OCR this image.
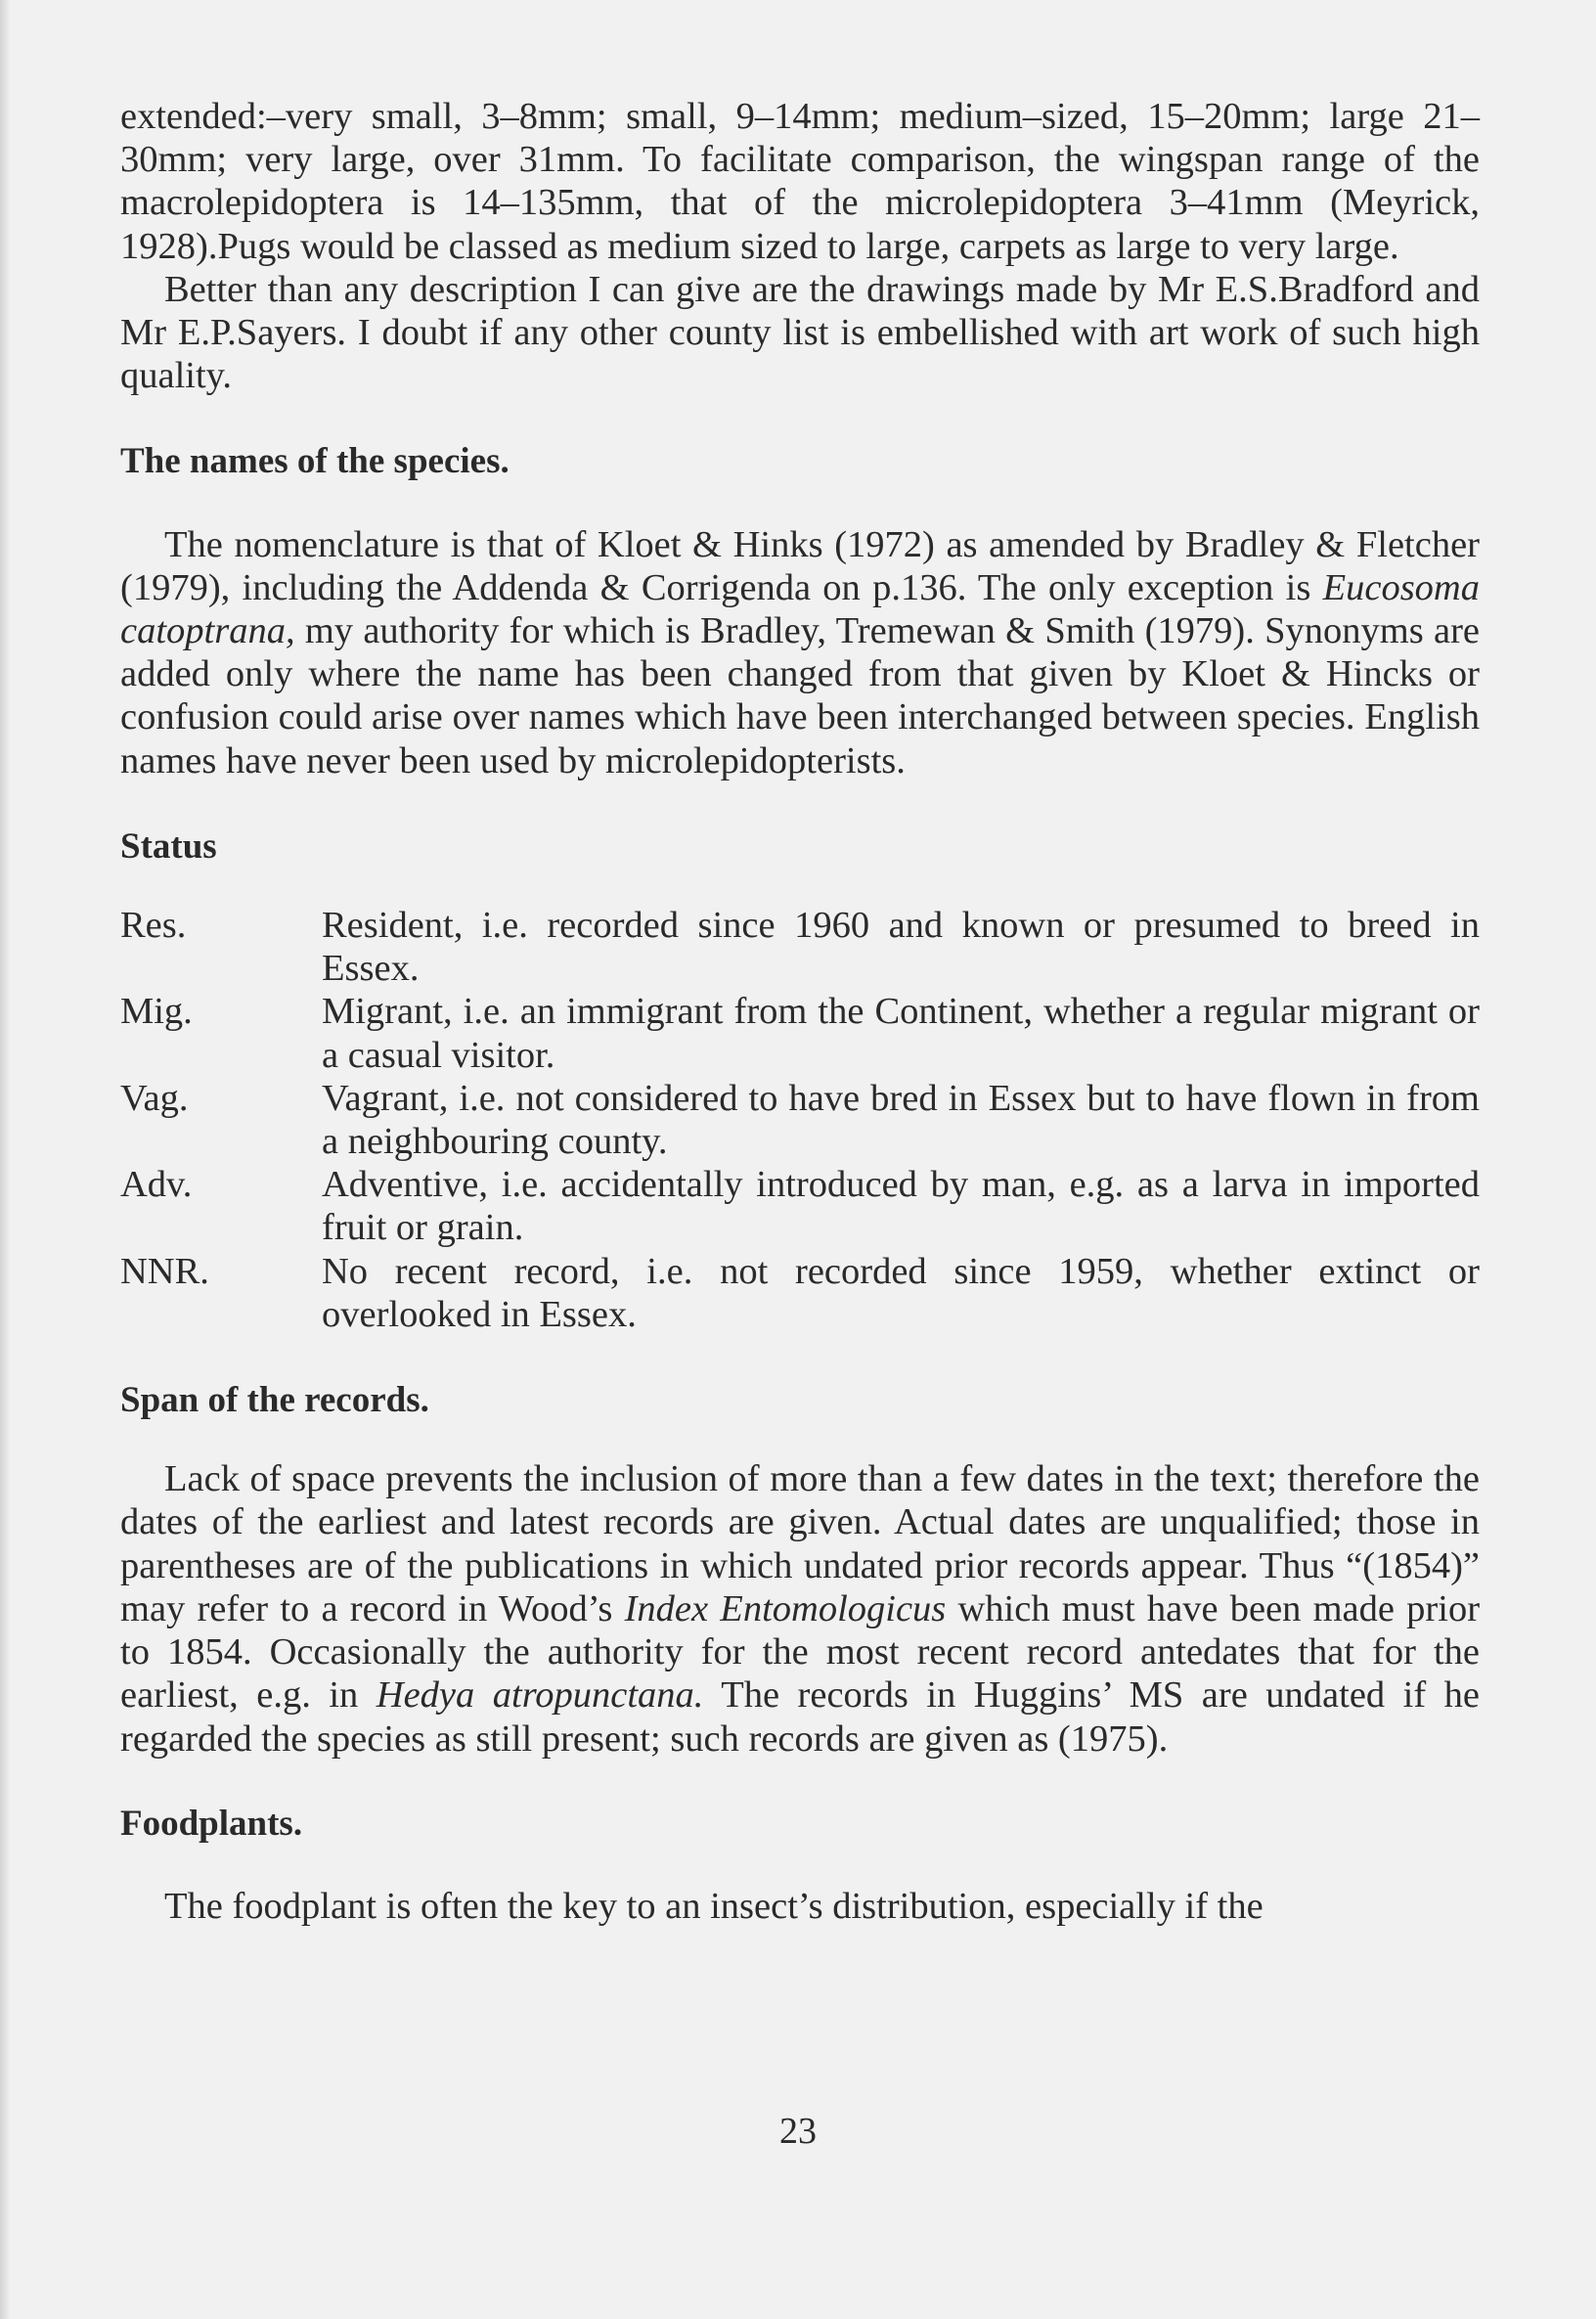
extended:–very small, 3–8mm; small, 9–14mm; medium–sized, 15–20mm; large 21–30mm; very large, over 31mm. To facilitate comparison, the wingspan range of the macrolepidoptera is 14–135mm, that of the microlepidoptera 3–41mm (Meyrick, 1928).Pugs would be classed as medium sized to large, carpets as large to very large.

Better than any description I can give are the drawings made by Mr E.S.Bradford and Mr E.P.Sayers. I doubt if any other county list is embellished with art work of such high quality.

The names of the species.

The nomenclature is that of Kloet & Hinks (1972) as amended by Bradley & Fletcher (1979), including the Addenda & Corrigenda on p.136. The only exception is Eucosoma catoptrana, my authority for which is Bradley, Tremewan & Smith (1979). Synonyms are added only where the name has been changed from that given by Kloet & Hincks or confusion could arise over names which have been interchanged between species. English names have never been used by microlepidopterists.

Status
Res.	Resident, i.e. recorded since 1960 and known or presumed to breed in Essex.
Mig.	Migrant, i.e. an immigrant from the Continent, whether a regular migrant or a casual visitor.
Vag.	Vagrant, i.e. not considered to have bred in Essex but to have flown in from a neighbouring county.
Adv.	Adventive, i.e. accidentally introduced by man, e.g. as a larva in imported fruit or grain.
NNR.	No recent record, i.e. not recorded since 1959, whether extinct or overlooked in Essex.
Span of the records.

Lack of space prevents the inclusion of more than a few dates in the text; therefore the dates of the earliest and latest records are given. Actual dates are unqualified; those in parentheses are of the publications in which undated prior records appear. Thus “(1854)” may refer to a record in Wood’s Index Entomologicus which must have been made prior to 1854. Occasionally the authority for the most recent record antedates that for the earliest, e.g. in Hedya atropunctana. The records in Huggins’ MS are undated if he regarded the species as still present; such records are given as (1975).

Foodplants.

The foodplant is often the key to an insect’s distribution, especially if the

23
